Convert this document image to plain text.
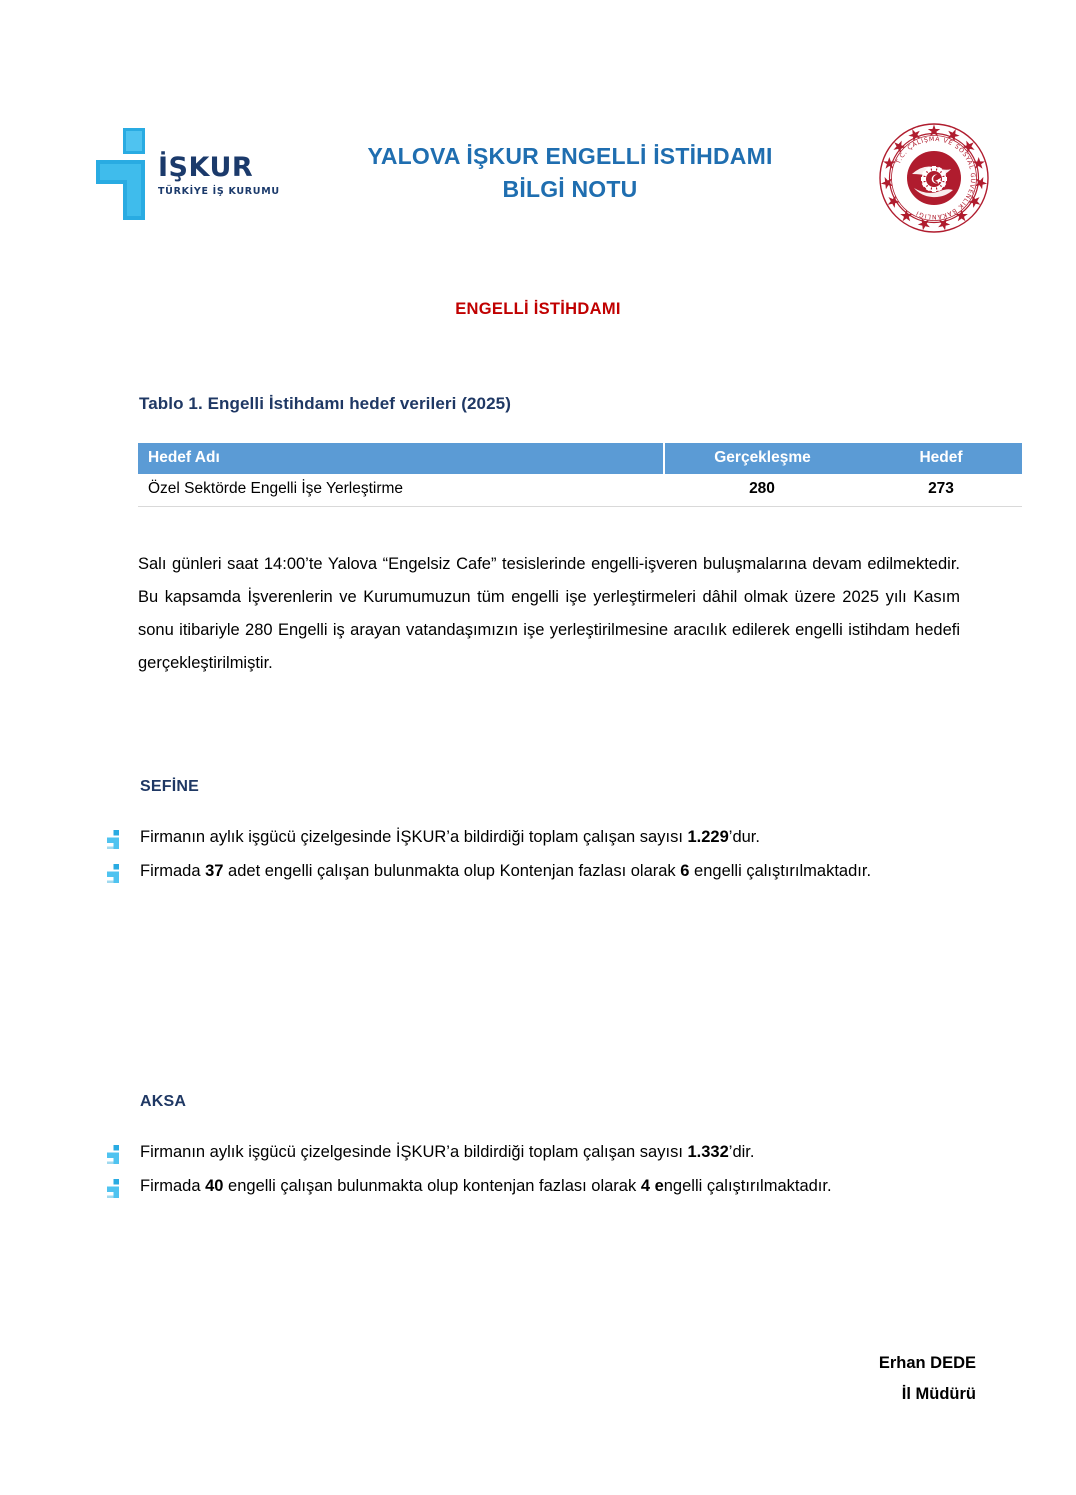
İŞKUR
TÜRKİYE İŞ KURUMU
YALOVA İŞKUR ENGELLİ İSTİHDAMI
BİLGİ NOTU
T.C. ÇALIŞMA VE SOSYAL GÜVENLİK BAKANLIĞI
ENGELLİ İSTİHDAMI
Tablo 1. Engelli İstihdamı hedef verileri (2025)
Hedef Adı	Gerçekleşme	Hedef
Özel Sektörde Engelli İşe Yerleştirme	280	273

Salı günleri saat 14:00’te Yalova “Engelsiz Cafe” tesislerinde engelli-işveren buluşmalarına devam edilmektedir. Bu kapsamda İşverenlerin ve Kurumumuzun tüm engelli işe yerleştirmeleri dâhil olmak üzere 2025 yılı Kasım sonu itibariyle 280 Engelli iş arayan vatandaşımızın işe yerleştirilmesine aracılık edilerek engelli istihdam hedefi gerçekleştirilmiştir.

SEFİNE
Firmanın aylık işgücü çizelgesinde İŞKUR’a bildirdiği toplam çalışan sayısı 1.229’dur.
Firmada 37 adet engelli çalışan bulunmakta olup Kontenjan fazlası olarak 6 engelli çalıştırılmaktadır.
AKSA
Firmanın aylık işgücü çizelgesinde İŞKUR’a bildirdiği toplam çalışan sayısı 1.332’dir.
Firmada 40 engelli çalışan bulunmakta olup kontenjan fazlası olarak 4 engelli çalıştırılmaktadır.
Erhan DEDE
İl Müdürü
